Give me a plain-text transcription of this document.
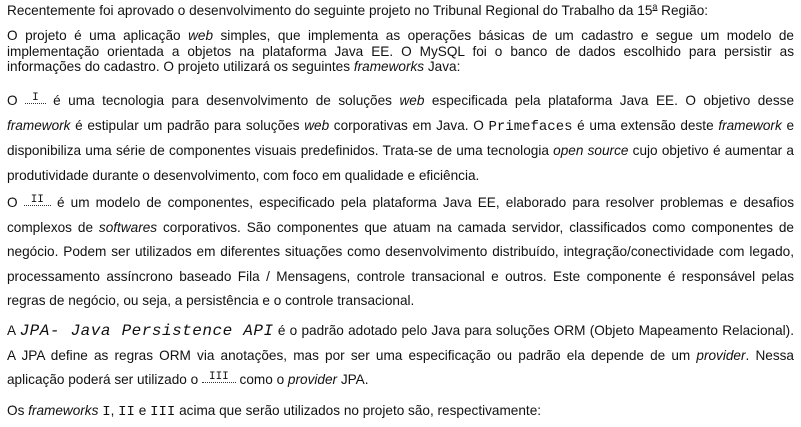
Recentemente foi aprovado o desenvolvimento do seguinte projeto no Tribunal Regional do Trabalho da 15$^a$ Região:

O projeto é uma aplicação web simples, que implementa as operações básicas de um cadastro e segue um modelo de implementação orientada a objetos na plataforma Java EE. O MySQL foi o banco de dados escolhido para persistir as informações do cadastro. O projeto utilizará os seguintes frameworks Java:

O I é uma tecnologia para desenvolvimento de soluções web especificada pela plataforma Java EE. O objetivo desse framework é estipular um padrão para soluções web corporativas em Java. O Primefaces é uma extensão deste framework e disponibiliza uma série de componentes visuais predefinidos. Trata-se de uma tecnologia open source cujo objetivo é aumentar a produtividade durante o desenvolvimento, com foco em qualidade e eficiência.

O II é um modelo de componentes, especificado pela plataforma Java EE, elaborado para resolver problemas e desafios complexos de softwares corporativos. São componentes que atuam na camada servidor, classificados como componentes de negócio. Podem ser utilizados em diferentes situações como desenvolvimento distribuído, integração/conectividade com legado, processamento assíncrono baseado Fila / Mensagens, controle transacional e outros. Este componente é responsável pelas regras de negócio, ou seja, a persistência e o controle transacional.

A JPA- Java Persistence API é o padrão adotado pelo Java para soluções ORM (Objeto Mapeamento Relacional). A JPA define as regras ORM via anotações, mas por ser uma especificação ou padrão ela depende de um provider. Nessa aplicação poderá ser utilizado o III como o provider JPA.

Os frameworks I, II e III acima que serão utilizados no projeto são, respectivamente:
